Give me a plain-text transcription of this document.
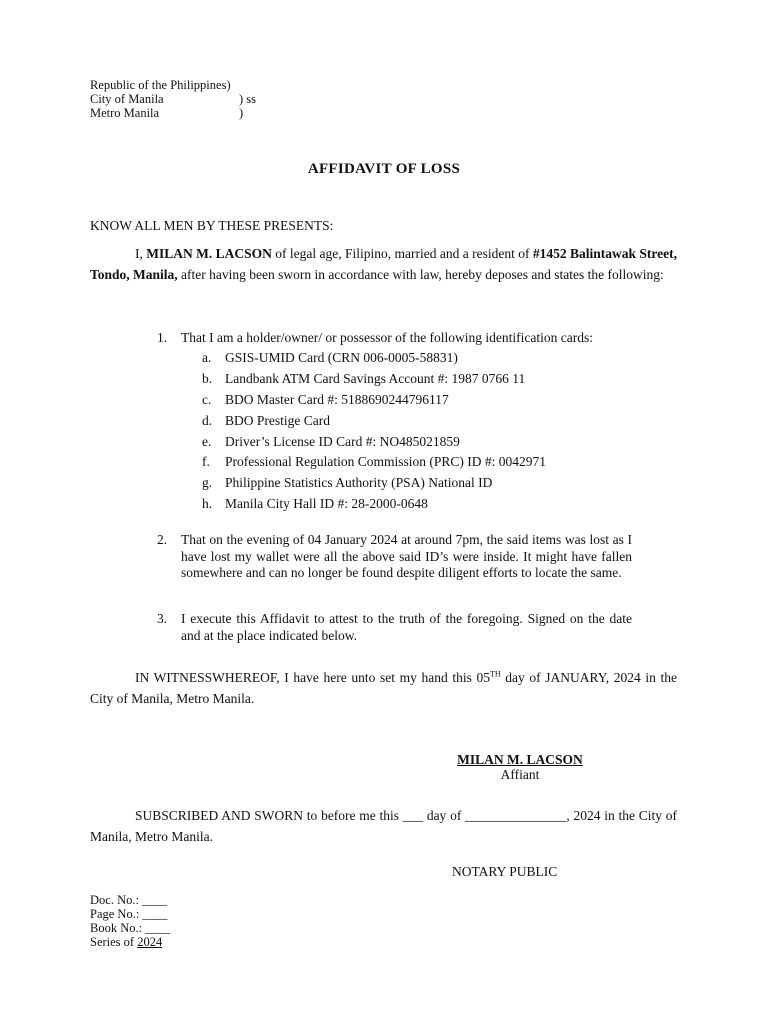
Republic of the Philippines)
City of Manila	) ss
Metro Manila	)
AFFIDAVIT OF LOSS
KNOW ALL MEN BY THESE PRESENTS:
I, MILAN M. LACSON of legal age, Filipino, married and a resident of #1452 Balintawak Street, Tondo, Manila, after having been sworn in accordance with law, hereby deposes and states the following:
1. That I am a holder/owner/ or possessor of the following identification cards:
a. GSIS-UMID Card (CRN 006-0005-58831)
b. Landbank ATM Card Savings Account #: 1987 0766 11
c. BDO Master Card #: 5188690244796117
d. BDO Prestige Card
e. Driver’s License ID Card #: NO485021859
f. Professional Regulation Commission (PRC) ID #: 0042971
g. Philippine Statistics Authority (PSA) National ID
h. Manila City Hall ID #: 28-2000-0648
2. That on the evening of 04 January 2024 at around 7pm, the said items was lost as I have lost my wallet were all the above said ID’s were inside. It might have fallen somewhere and can no longer be found despite diligent efforts to locate the same.
3. I execute this Affidavit to attest to the truth of the foregoing. Signed on the date and at the place indicated below.
IN WITNESSWHEREOF, I have here unto set my hand this 05TH day of JANUARY, 2024 in the City of Manila, Metro Manila.
MILAN M. LACSON
Affiant
SUBSCRIBED AND SWORN to before me this ___ day of _______________, 2024 in the City of Manila, Metro Manila.
NOTARY PUBLIC
Doc. No.: ____
Page No.: ____
Book No.: ____
Series of 2024
